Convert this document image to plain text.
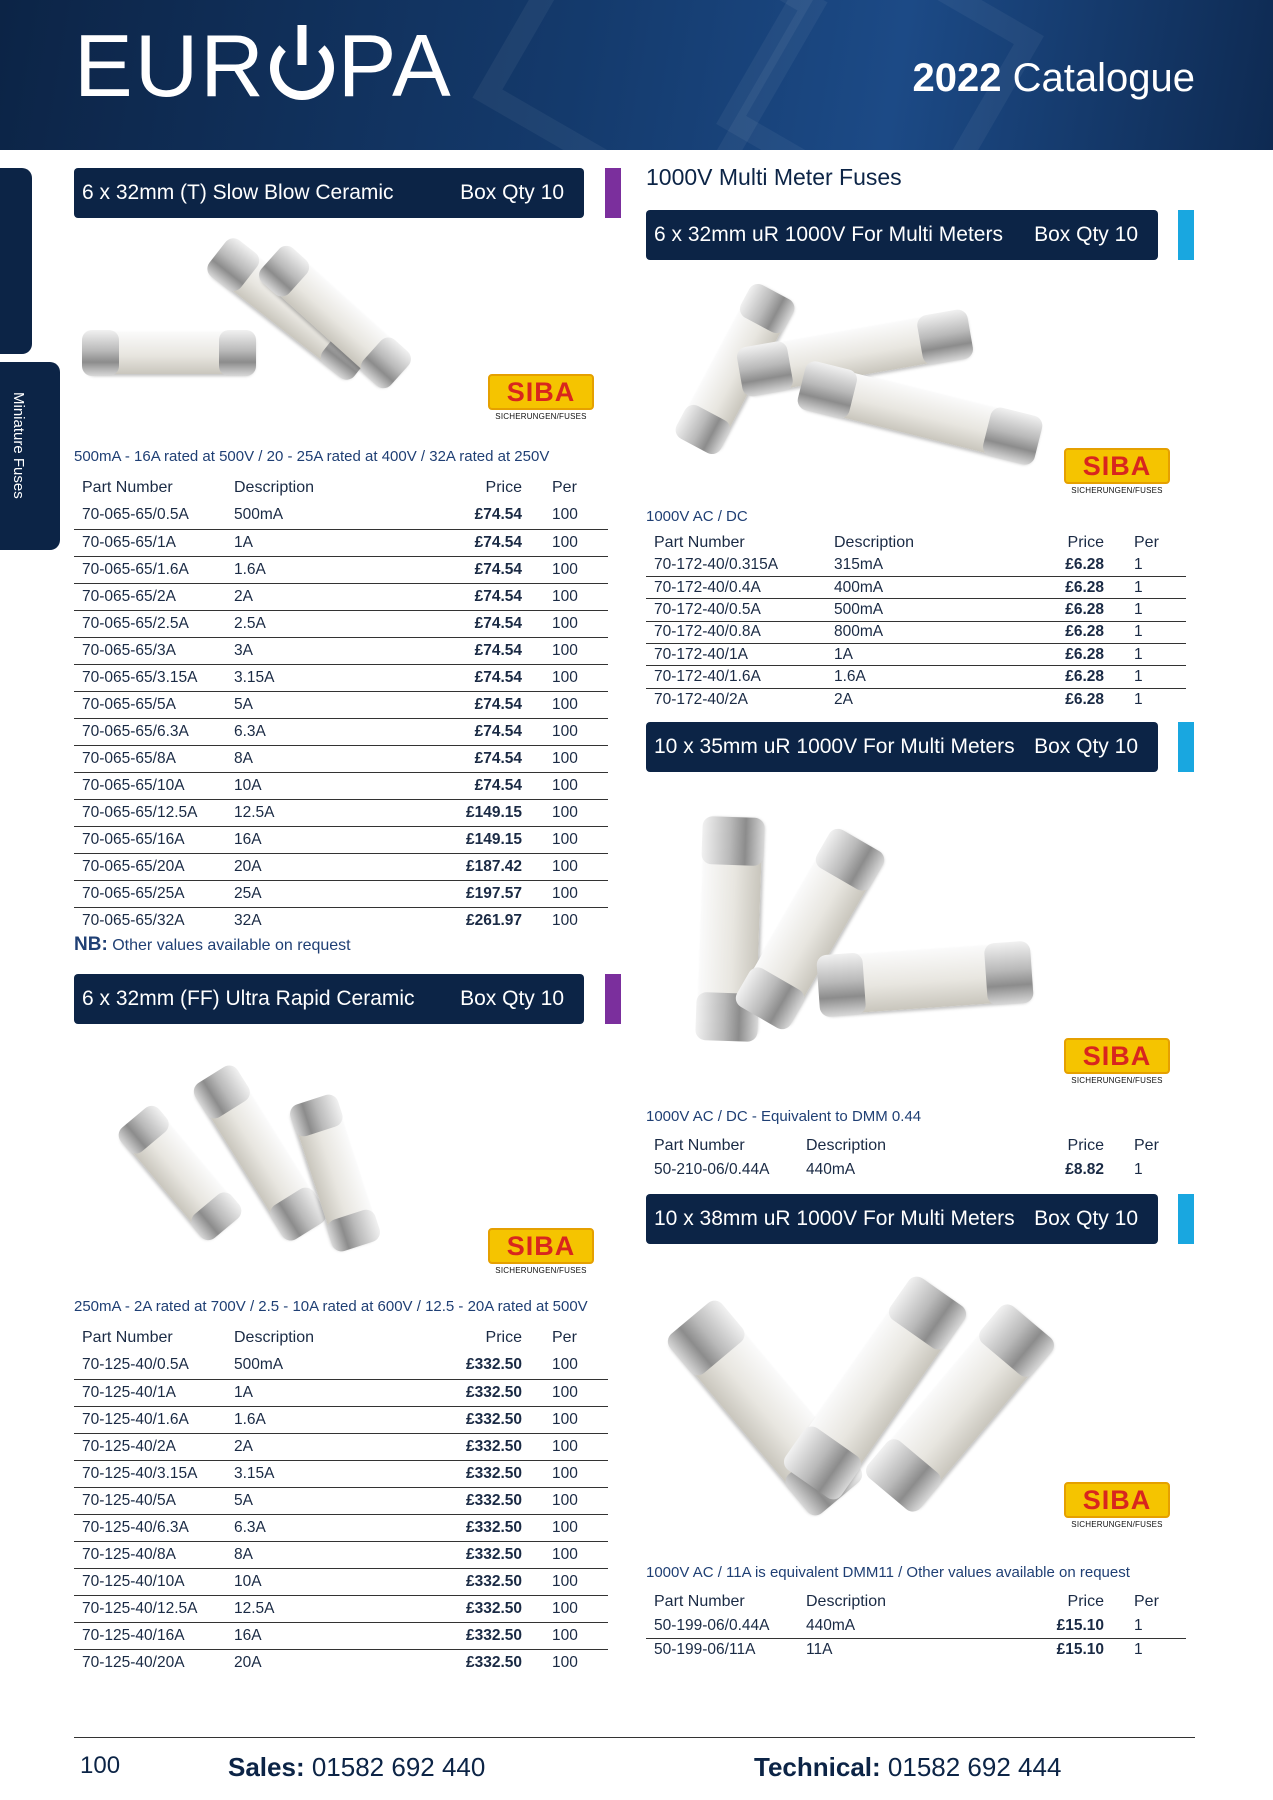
EUR PA	2022 Catalogue
Miniature Fuses
6 x 32mm (T) Slow Blow Ceramic	Box Qty 10
SIBA
SICHERUNGEN/FUSES
500mA - 16A rated at 500V / 20 - 25A rated at 400V / 32A rated at 250V
Part Number	Description	Price	Per
70-065-65/0.5A	500mA	£74.54	100
70-065-65/1A	1A	£74.54	100
70-065-65/1.6A	1.6A	£74.54	100
70-065-65/2A	2A	£74.54	100
70-065-65/2.5A	2.5A	£74.54	100
70-065-65/3A	3A	£74.54	100
70-065-65/3.15A	3.15A	£74.54	100
70-065-65/5A	5A	£74.54	100
70-065-65/6.3A	6.3A	£74.54	100
70-065-65/8A	8A	£74.54	100
70-065-65/10A	10A	£74.54	100
70-065-65/12.5A	12.5A	£149.15	100
70-065-65/16A	16A	£149.15	100
70-065-65/20A	20A	£187.42	100
70-065-65/25A	25A	£197.57	100
70-065-65/32A	32A	£261.97	100
NB: Other values available on request
6 x 32mm (FF) Ultra Rapid Ceramic Box Qty 10
SIBA
SICHERUNGEN/FUSES
250mA - 2A rated at 700V / 2.5 - 10A rated at 600V / 12.5 - 20A rated at 500V
Part Number	Description	Price	Per
70-125-40/0.5A	500mA	£332.50	100
70-125-40/1A	1A	£332.50	100
70-125-40/1.6A	1.6A	£332.50	100
70-125-40/2A	2A	£332.50	100
70-125-40/3.15A	3.15A	£332.50	100
70-125-40/5A	5A	£332.50	100
70-125-40/6.3A	6.3A	£332.50	100
70-125-40/8A	8A	£332.50	100
70-125-40/10A	10A	£332.50	100
70-125-40/12.5A	12.5A	£332.50	100
70-125-40/16A	16A	£332.50	100
70-125-40/20A	20A	£332.50	100
1000V Multi Meter Fuses
6 x 32mm uR 1000V For Multi Meters Box Qty 10
SIBA
SICHERUNGEN/FUSES
1000V AC / DC
Part Number	Description	Price	Per
70-172-40/0.315A	315mA	£6.28	1
70-172-40/0.4A	400mA	£6.28	1
70-172-40/0.5A	500mA	£6.28	1
70-172-40/0.8A	800mA	£6.28	1
70-172-40/1A	1A	£6.28	1
70-172-40/1.6A	1.6A	£6.28	1
70-172-40/2A	2A	£6.28	1
10 x 35mm uR 1000V For Multi Meters Box Qty 10
SIBA
SICHERUNGEN/FUSES
1000V AC / DC - Equivalent to DMM 0.44
Part Number	Description	Price	Per
50-210-06/0.44A	440mA	£8.82	1
10 x 38mm uR 1000V For Multi Meters Box Qty 10
SIBA
SICHERUNGEN/FUSES
1000V AC / 11A is equivalent DMM11 / Other values available on request
Part Number	Description	Price	Per
50-199-06/0.44A	440mA	£15.10	1
50-199-06/11A	11A	£15.10	1
100	Sales: 01582 692 440	Technical: 01582 692 444
